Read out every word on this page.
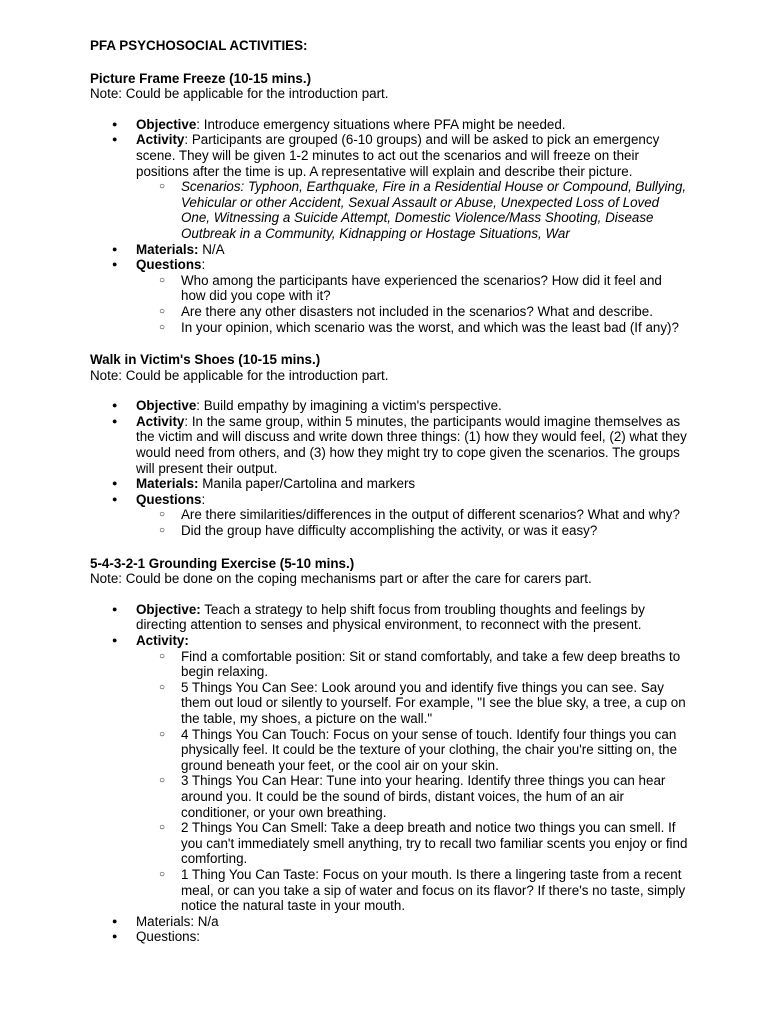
PFA PSYCHOSOCIAL ACTIVITIES:

Picture Frame Freeze (10-15 mins.)

Note: Could be applicable for the introduction part.

● Objective: Introduce emergency situations where PFA might be needed.
● Activity: Participants are grouped (6-10 groups) and will be asked to pick an emergency scene. They will be given 1-2 minutes to act out the scenarios and will freeze on their positions after the time is up. A representative will explain and describe their picture.
○ Scenarios: Typhoon, Earthquake, Fire in a Residential House or Compound, Bullying, Vehicular or other Accident, Sexual Assault or Abuse, Unexpected Loss of Loved One, Witnessing a Suicide Attempt, Domestic Violence/Mass Shooting, Disease Outbreak in a Community, Kidnapping or Hostage Situations, War
● Materials: N/A
● Questions:
○ Who among the participants have experienced the scenarios? How did it feel and how did you cope with it?
○ Are there any other disasters not included in the scenarios? What and describe.
○ In your opinion, which scenario was the worst, and which was the least bad (If any)?

Walk in Victim's Shoes (10-15 mins.)

Note: Could be applicable for the introduction part.

● Objective: Build empathy by imagining a victim's perspective.
● Activity: In the same group, within 5 minutes, the participants would imagine themselves as the victim and will discuss and write down three things: (1) how they would feel, (2) what they would need from others, and (3) how they might try to cope given the scenarios. The groups will present their output.
● Materials: Manila paper/Cartolina and markers
● Questions:
○ Are there similarities/differences in the output of different scenarios? What and why?
○ Did the group have difficulty accomplishing the activity, or was it easy?

5-4-3-2-1 Grounding Exercise (5-10 mins.)

Note: Could be done on the coping mechanisms part or after the care for carers part.

● Objective: Teach a strategy to help shift focus from troubling thoughts and feelings by directing attention to senses and physical environment, to reconnect with the present.
● Activity:
○ Find a comfortable position: Sit or stand comfortably, and take a few deep breaths to begin relaxing.
○ 5 Things You Can See: Look around you and identify five things you can see. Say them out loud or silently to yourself. For example, "I see the blue sky, a tree, a cup on the table, my shoes, a picture on the wall."
○ 4 Things You Can Touch: Focus on your sense of touch. Identify four things you can physically feel. It could be the texture of your clothing, the chair you're sitting on, the ground beneath your feet, or the cool air on your skin.
○ 3 Things You Can Hear: Tune into your hearing. Identify three things you can hear around you. It could be the sound of birds, distant voices, the hum of an air conditioner, or your own breathing.
○ 2 Things You Can Smell: Take a deep breath and notice two things you can smell. If you can't immediately smell anything, try to recall two familiar scents you enjoy or find comforting.
○ 1 Thing You Can Taste: Focus on your mouth. Is there a lingering taste from a recent meal, or can you take a sip of water and focus on its flavor? If there's no taste, simply notice the natural taste in your mouth.
● Materials: N/a
● Questions:
